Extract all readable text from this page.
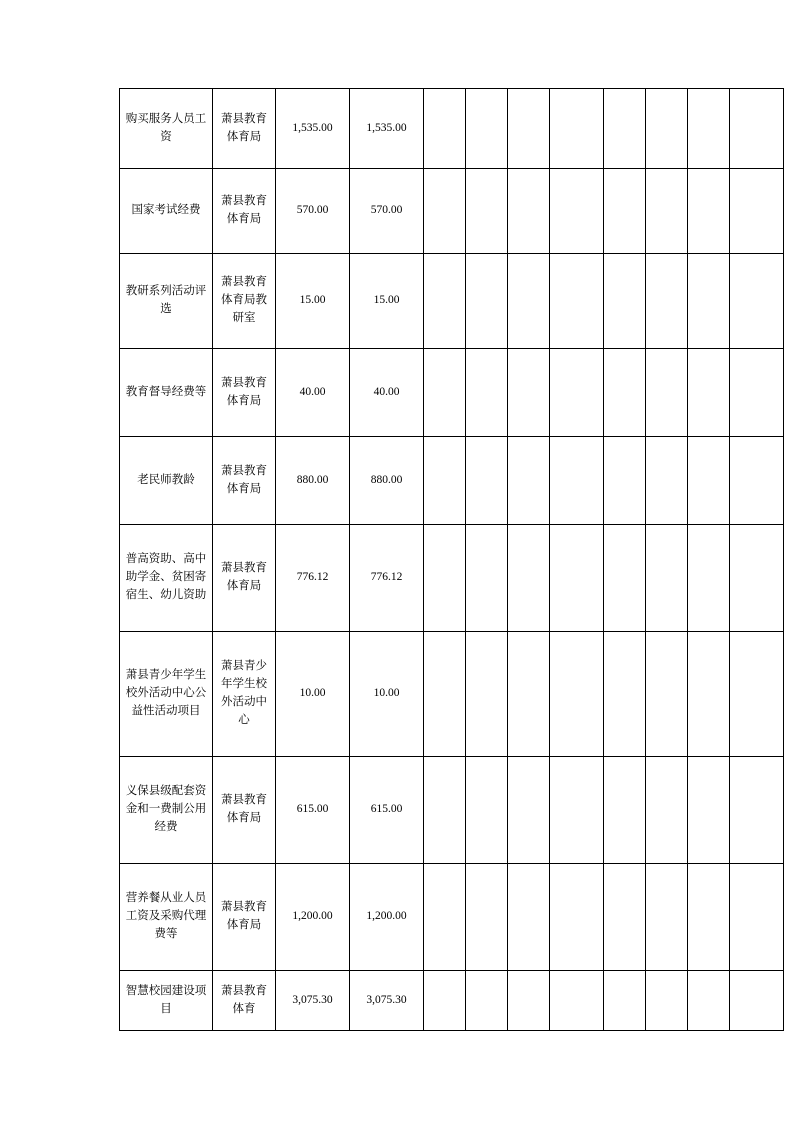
购买服务人员工资	萧县教育体育局	1,535.00	1,535.00								
国家考试经费	萧县教育体育局	570.00	570.00								
教研系列活动评选	萧县教育体育局教研室	15.00	15.00								
教育督导经费等	萧县教育体育局	40.00	40.00								
老民师教龄	萧县教育体育局	880.00	880.00								
普高资助、高中助学金、贫困寄宿生、幼儿资助	萧县教育体育局	776.12	776.12								
萧县青少年学生校外活动中心公益性活动项目	萧县青少年学生校外活动中心	10.00	10.00								
义保县级配套资金和一费制公用经费	萧县教育体育局	615.00	615.00								
营养餐从业人员工资及采购代理费等	萧县教育体育局	1,200.00	1,200.00								
智慧校园建设项目	萧县教育体育	3,075.30	3,075.30								
